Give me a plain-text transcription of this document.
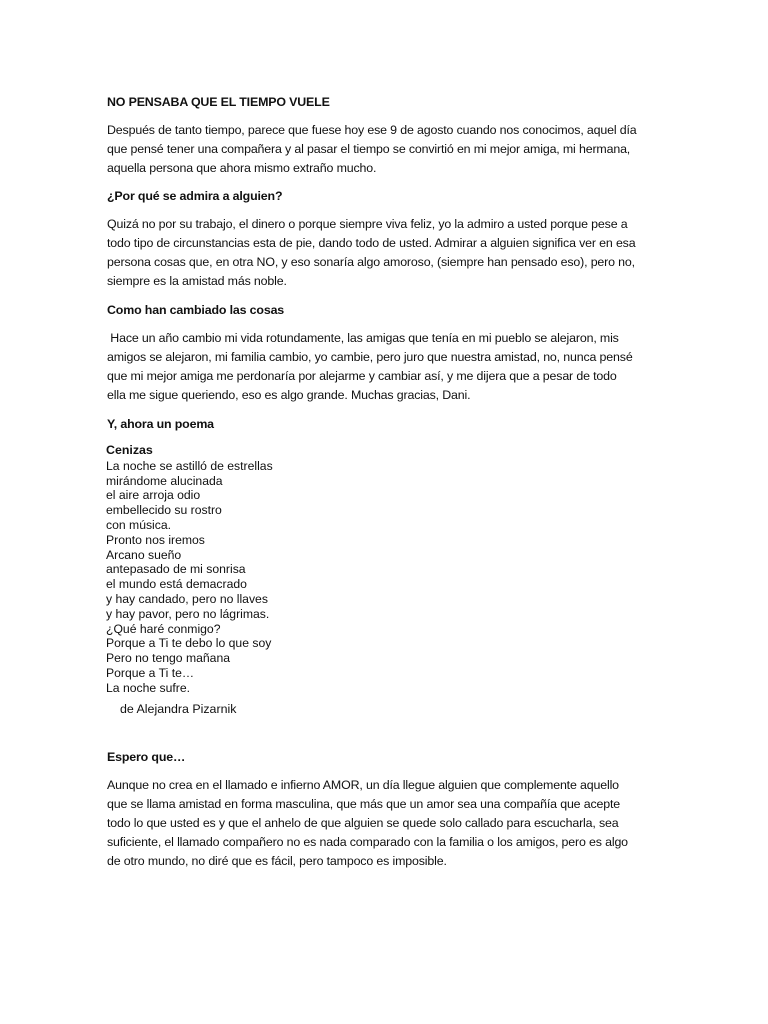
NO PENSABA QUE EL TIEMPO VUELE
Después de tanto tiempo, parece que fuese hoy ese 9 de agosto cuando nos conocimos, aquel día
que pensé tener una compañera y al pasar el tiempo se convirtió en mi mejor amiga, mi hermana,
aquella persona que ahora mismo extraño mucho.
¿Por qué se admira a alguien?
Quizá no por su trabajo, el dinero o porque siempre viva feliz, yo la admiro a usted porque pese a
todo tipo de circunstancias esta de pie, dando todo de usted. Admirar a alguien significa ver en esa
persona cosas que, en otra NO, y eso sonaría algo amoroso, (siempre han pensado eso), pero no,
siempre es la amistad más noble.
Como han cambiado las cosas
Hace un año cambio mi vida rotundamente, las amigas que tenía en mi pueblo se alejaron, mis
amigos se alejaron, mi familia cambio, yo cambie, pero juro que nuestra amistad, no, nunca pensé
que mi mejor amiga me perdonaría por alejarme y cambiar así, y me dijera que a pesar de todo
ella me sigue queriendo, eso es algo grande. Muchas gracias, Dani.
Y, ahora un poema
Cenizas
La noche se astilló de estrellas
mirándome alucinada
el aire arroja odio
embellecido su rostro
con música.
Pronto nos iremos
Arcano sueño
antepasado de mi sonrisa
el mundo está demacrado
y hay candado, pero no llaves
y hay pavor, pero no lágrimas.
¿Qué haré conmigo?
Porque a Ti te debo lo que soy
Pero no tengo mañana
Porque a Ti te…
La noche sufre.
de Alejandra Pizarnik
Espero que…
Aunque no crea en el llamado e infierno AMOR, un día llegue alguien que complemente aquello
que se llama amistad en forma masculina, que más que un amor sea una compañía que acepte
todo lo que usted es y que el anhelo de que alguien se quede solo callado para escucharla, sea
suficiente, el llamado compañero no es nada comparado con la familia o los amigos, pero es algo
de otro mundo, no diré que es fácil, pero tampoco es imposible.
